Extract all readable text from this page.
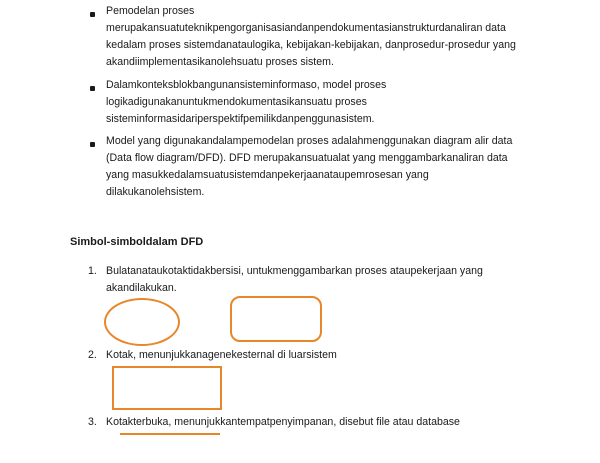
Pemodelan proses
merupakansuatuteknikpengorganisasiandanpendokumentasianstrukturdanaliran data
kedalam proses sistemdanataulogika, kebijakan-kebijakan, danprosedur-prosedur yang
akandiimplementasikanolehsuatu proses sistem.
Dalamkonteksblokbangunansisteminformaso, model proses
logikadigunakanuntukmendokumentasikansuatu proses
sisteminformasidariperspektifpemilikdanpenggunasistem.
Model yang digunakandalampemodelan proses adalahmenggunakan diagram alir data
(Data flow diagram/DFD). DFD merupakansuatualat yang menggambarkanaliran data
yang masukkedalamsuatusistemdanpekerjaanataupemrosesan yang
dilakukanolehsistem.
Simbol-simboldalam DFD
1. Bulatanataukotaktidakbersisi, untukmenggambarkan proses ataupekerjaan yang
akandilakukan.
2. Kotak, menunjukkanagenekesternal di luarsistem
3. Kotakterbuka, menunjukkantempatpenyimpanan, disebut file atau database
